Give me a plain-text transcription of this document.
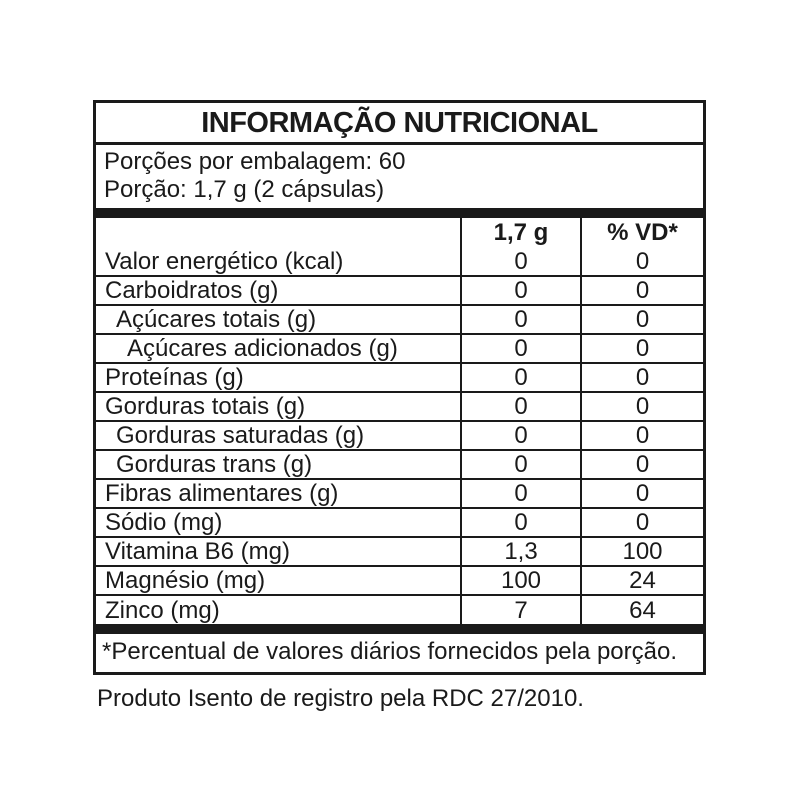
INFORMAÇÃO NUTRICIONAL
Porções por embalagem: 60
Porção: 1,7 g (2 cápsulas)
	1,7 g	% VD*
Valor energético (kcal)	0	0
Carboidratos (g)	0	0
Açúcares totais (g)	0	0
Açúcares adicionados (g)	0	0
Proteínas (g)	0	0
Gorduras totais (g)	0	0
Gorduras saturadas (g)	0	0
Gorduras trans (g)	0	0
Fibras alimentares (g)	0	0
Sódio (mg)	0	0
Vitamina B6 (mg)	1,3	100
Magnésio (mg)	100	24
Zinco (mg)	7	64
*Percentual de valores diários fornecidos pela porção.
Produto Isento de registro pela RDC 27/2010.
